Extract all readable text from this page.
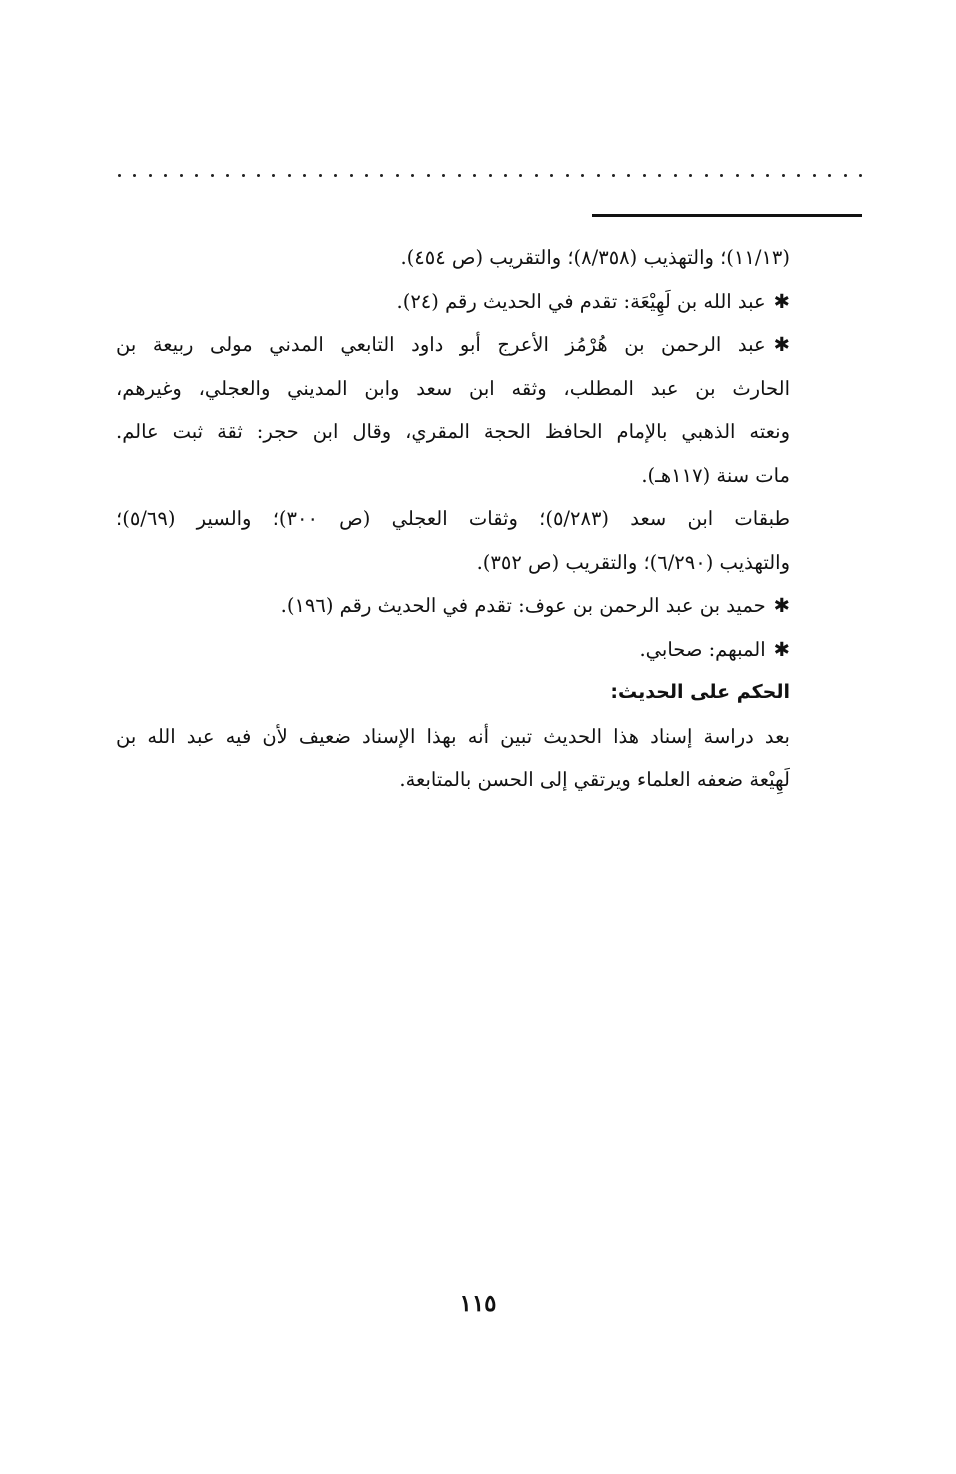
(١١/١٣)؛ والتهذيب (٨/٣٥٨)؛ والتقريب (ص ٤٥٤).
✱عبد الله بن لَهِيْعَة: تقدم في الحديث رقم (٢٤).
✱عبد الرحمن بن هُرْمُز الأعرج أبو داود التابعي المدني مولى ربيعة بن
الحارث بن عبد المطلب، وثقه ابن سعد وابن المديني والعجلي، وغيرهم،
ونعته الذهبي بالإمام الحافظ الحجة المقري، وقال ابن حجر: ثقة ثبت عالم.
مات سنة (١١٧هـ).
طبقات ابن سعد (٥/٢٨٣)؛ وثقات العجلي (ص ٣٠٠)؛ والسير (٥/٦٩)؛
والتهذيب (٦/٢٩٠)؛ والتقريب (ص ٣٥٢).
✱حميد بن عبد الرحمن بن عوف: تقدم في الحديث رقم (١٩٦).
✱المبهم: صحابي.
الحكم على الحديث:
بعد دراسة إسناد هذا الحديث تبين أنه بهذا الإسناد ضعيف لأن فيه عبد الله بن
لَهِيْعة ضعفه العلماء ويرتقي إلى الحسن بالمتابعة.
١١٥
